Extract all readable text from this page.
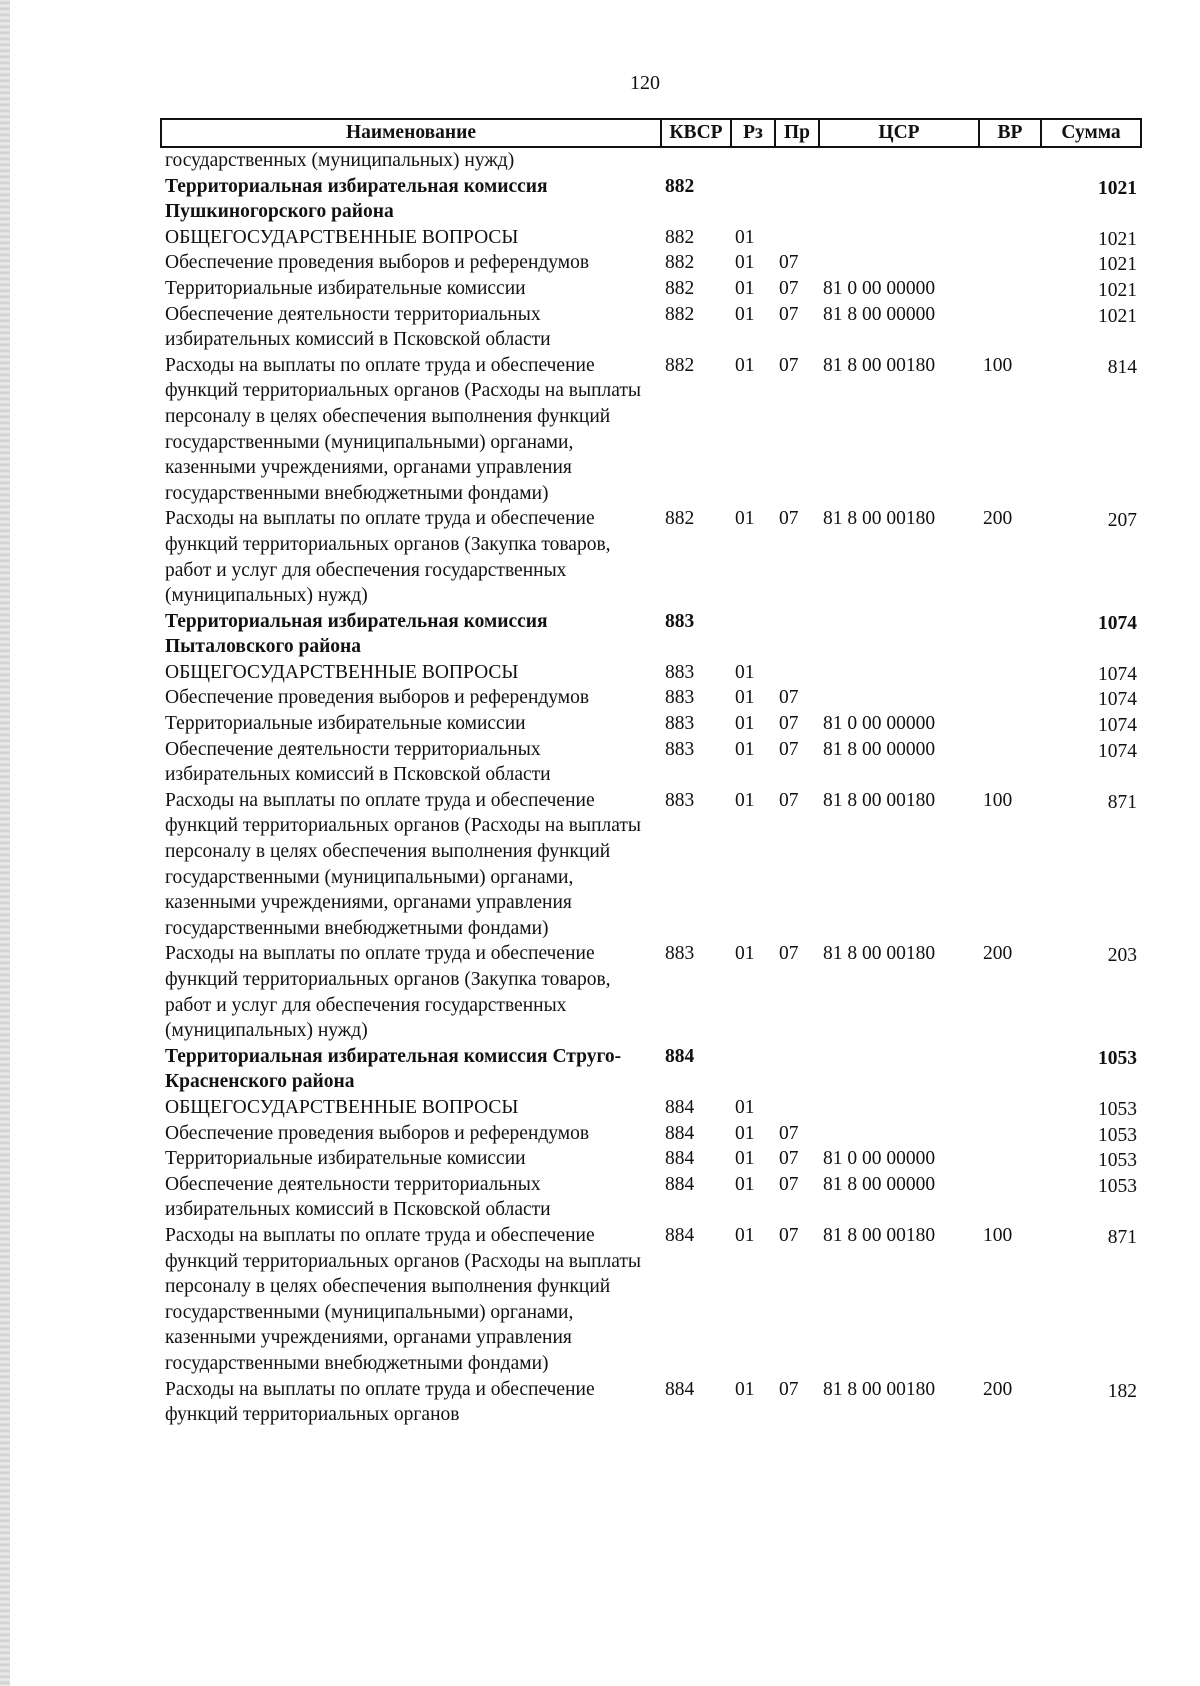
120
Наименование	КВСР	Рз	Пр	ЦСР	ВР	Сумма
государственных (муниципальных) нужд)						
Территориальная избирательная комиссия Пушкиногорского района	882					1021
ОБЩЕГОСУДАРСТВЕННЫЕ ВОПРОСЫ	882	01				1021
Обеспечение проведения выборов и референдумов	882	01	07			1021
Территориальные избирательные комиссии	882	01	07	81 0 00 00000		1021
Обеспечение деятельности территориальных избирательных комиссий в Псковской области	882	01	07	81 8 00 00000		1021
Расходы на выплаты по оплате труда и обеспечение функций территориальных органов (Расходы на выплаты персоналу в целях обеспечения выполнения функций государственными (муниципальными) органами, казенными учреждениями, органами управления государственными внебюджетными фондами)	882	01	07	81 8 00 00180	100	814
Расходы на выплаты по оплате труда и обеспечение функций территориальных органов (Закупка товаров, работ и услуг для обеспечения государственных (муниципальных) нужд)	882	01	07	81 8 00 00180	200	207
Территориальная избирательная комиссия Пыталовского района	883					1074
ОБЩЕГОСУДАРСТВЕННЫЕ ВОПРОСЫ	883	01				1074
Обеспечение проведения выборов и референдумов	883	01	07			1074
Территориальные избирательные комиссии	883	01	07	81 0 00 00000		1074
Обеспечение деятельности территориальных избирательных комиссий в Псковской области	883	01	07	81 8 00 00000		1074
Расходы на выплаты по оплате труда и обеспечение функций территориальных органов (Расходы на выплаты персоналу в целях обеспечения выполнения функций государственными (муниципальными) органами, казенными учреждениями, органами управления государственными внебюджетными фондами)	883	01	07	81 8 00 00180	100	871
Расходы на выплаты по оплате труда и обеспечение функций территориальных органов (Закупка товаров, работ и услуг для обеспечения государственных (муниципальных) нужд)	883	01	07	81 8 00 00180	200	203
Территориальная избирательная комиссия Струго-Красненского района	884					1053
ОБЩЕГОСУДАРСТВЕННЫЕ ВОПРОСЫ	884	01				1053
Обеспечение проведения выборов и референдумов	884	01	07			1053
Территориальные избирательные комиссии	884	01	07	81 0 00 00000		1053
Обеспечение деятельности территориальных избирательных комиссий в Псковской области	884	01	07	81 8 00 00000		1053
Расходы на выплаты по оплате труда и обеспечение функций территориальных органов (Расходы на выплаты персоналу в целях обеспечения выполнения функций государственными (муниципальными) органами, казенными учреждениями, органами управления государственными внебюджетными фондами)	884	01	07	81 8 00 00180	100	871
Расходы на выплаты по оплате труда и обеспечение функций территориальных органов	884	01	07	81 8 00 00180	200	182
